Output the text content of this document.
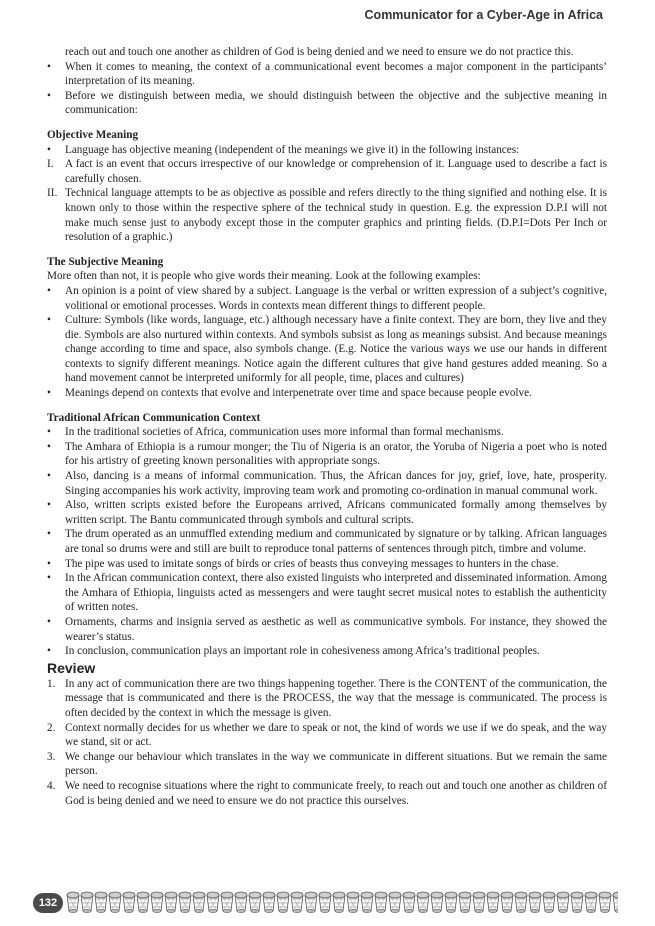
Communicator for a Cyber-Age in Africa

reach out and touch one another as children of God is being denied and we need to ensure we do not practice this.

•	When it comes to meaning, the context of a communicational event becomes a major component in the participants’ interpretation of its meaning.
•	Before we distinguish between media, we should distinguish between the objective and the subjective meaning in communication:

Objective Meaning

•	Language has objective meaning (independent of the meanings we give it) in the following instances:
I.	A fact is an event that occurs irrespective of our knowledge or comprehension of it. Language used to describe a fact is carefully chosen.
II. Technical language attempts to be as objective as possible and refers directly to the thing signified and nothing else. It is known only to those within the respective sphere of the technical study in question. E.g. the expression D.P.I will not make much sense just to anybody except those in the computer graphics and printing fields. (D.P.I=Dots Per Inch or resolution of a graphic.)

The Subjective Meaning

More often than not, it is people who give words their meaning. Look at the following examples:

•	An opinion is a point of view shared by a subject. Language is the verbal or written expression of a subject’s cognitive, volitional or emotional processes. Words in contexts mean different things to different people.
•	Culture: Symbols (like words, language, etc.) although necessary have a finite context. They are born, they live and they die. Symbols are also nurtured within contexts. And symbols subsist as long as meanings subsist. And because meanings change according to time and space, also symbols change. (E.g. Notice the various ways we use our hands in different contexts to signify different meanings. Notice again the different cultures that give hand gestures added meaning. So a hand movement cannot be interpreted uniformly for all people, time, places and cultures)
•	Meanings depend on contexts that evolve and interpenetrate over time and space because people evolve.

Traditional African Communication Context

•	In the traditional societies of Africa, communication uses more informal than formal mechanisms.
•	The Amhara of Ethiopia is a rumour monger; the Tiu of Nigeria is an orator, the Yoruba of Nigeria a poet who is noted for his artistry of greeting known personalities with appropriate songs.
•	Also, dancing is a means of informal communication. Thus, the African dances for joy, grief, love, hate, prosperity. Singing accompanies his work activity, improving team work and promoting co-ordination in manual communal work.
•	Also, written scripts existed before the Europeans arrived, Africans communicated formally among themselves by written script. The Bantu communicated through symbols and cultural scripts.
•	The drum operated as an unmuffled extending medium and communicated by signature or by talking. African languages are tonal so drums were and still are built to reproduce tonal patterns of sentences through pitch, timbre and volume.
•	The pipe was used to imitate songs of birds or cries of beasts thus conveying messages to hunters in the chase.
•	In the African communication context, there also existed linguists who interpreted and disseminated information. Among the Amhara of Ethiopia, linguists acted as messengers and were taught secret musical notes to establish the authenticity of written notes.
•	Ornaments, charms and insignia served as aesthetic as well as communicative symbols. For instance, they showed the wearer’s status.
•	In conclusion, communication plays an important role in cohesiveness among Africa’s traditional peoples.

Review

1. In any act of communication there are two things happening together. There is the CONTENT of the communication, the message that is communicated and there is the PROCESS, the way that the message is communicated. The process is often decided by the context in which the message is given.
2. Context normally decides for us whether we dare to speak or not, the kind of words we use if we do speak, and the way we stand, sit or act.
3. We change our behaviour which translates in the way we communicate in different situations. But we remain the same person.
4. We need to recognise situations where the right to communicate freely, to reach out and touch one another as children of God is being denied and we need to ensure we do not practice this ourselves.
132
